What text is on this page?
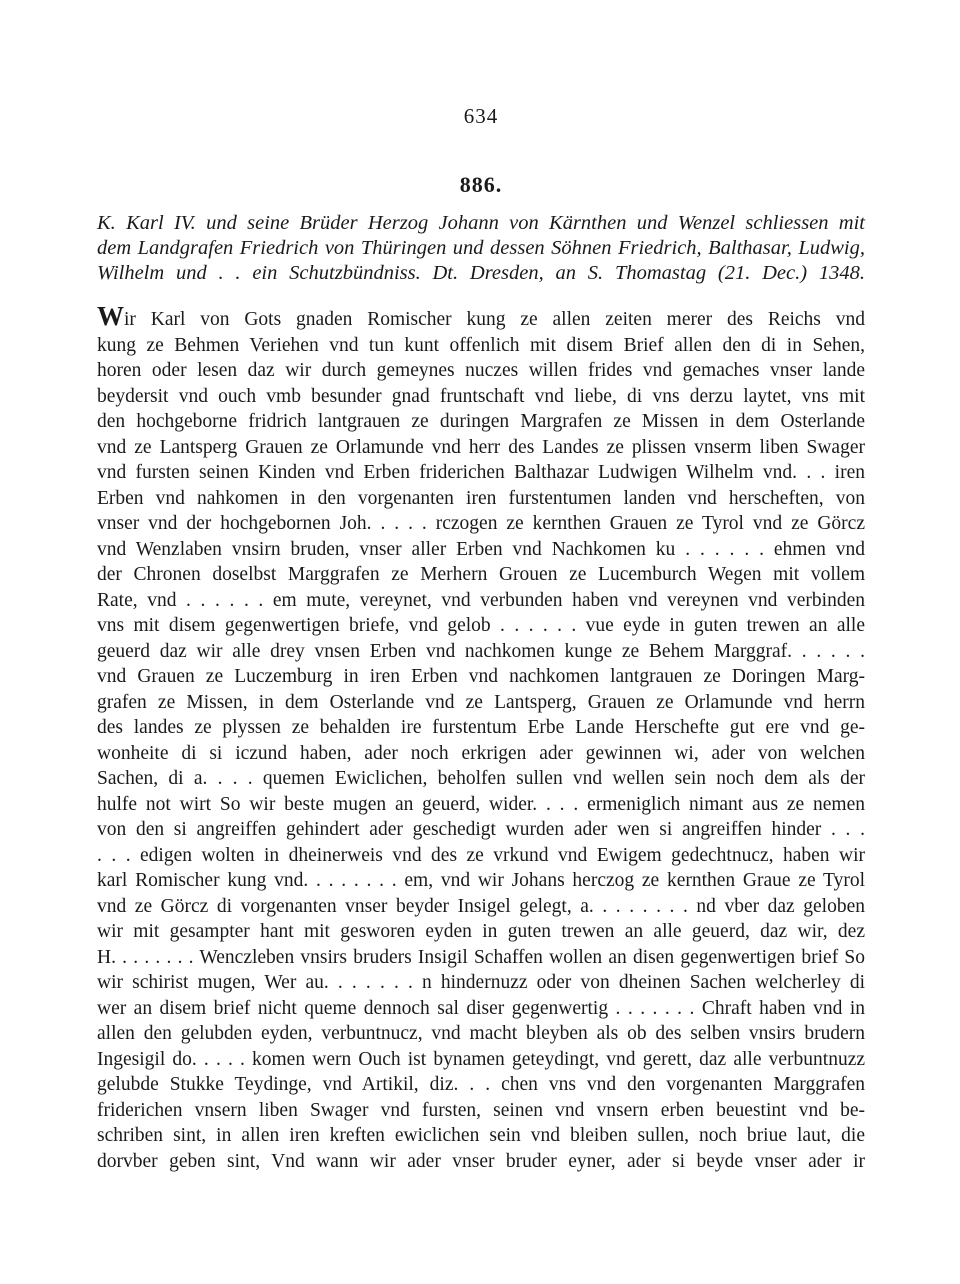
634
886.
K. Karl IV. und seine Brüder Herzog Johann von Kärnthen und Wenzel schliessen mit
dem Landgrafen Friedrich von Thüringen und dessen Söhnen Friedrich, Balthasar, Ludwig,
Wilhelm und . . ein Schutzbündniss. Dt. Dresden, an S. Thomastag (21. Dec.) 1348.
Wir Karl von Gots gnaden Romischer kung ze allen zeiten merer des Reichs vnd
kung ze Behmen Veriehen vnd tun kunt offenlich mit disem Brief allen den di in Sehen,
horen oder lesen daz wir durch gemeynes nuczes willen frides vnd gemaches vnser lande
beydersit vnd ouch vmb besunder gnad fruntschaft vnd liebe, di vns derzu laytet, vns mit
den hochgeborne fridrich lantgrauen ze duringen Margrafen ze Missen in dem Osterlande
vnd ze Lantsperg Grauen ze Orlamunde vnd herr des Landes ze plissen vnserm liben Swager
vnd fursten seinen Kinden vnd Erben friderichen Balthazar Ludwigen Wilhelm vnd. . . iren
Erben vnd nahkomen in den vorgenanten iren furstentumen landen vnd herscheften, von
vnser vnd der hochgebornen Joh. . . . . rczogen ze kernthen Grauen ze Tyrol vnd ze Görcz
vnd Wenzlaben vnsirn bruden, vnser aller Erben vnd Nachkomen ku . . . . . . ehmen vnd
der Chronen doselbst Marggrafen ze Merhern Grouen ze Lucemburch Wegen mit vollem
Rate, vnd . . . . . . em mute, vereynet, vnd verbunden haben vnd vereynen vnd verbinden
vns mit disem gegenwertigen briefe, vnd gelob . . . . . . vue eyde in guten trewen an alle
geuerd daz wir alle drey vnsen Erben vnd nachkomen kunge ze Behem Marggraf. . . . . .
vnd Grauen ze Luczemburg in iren Erben vnd nachkomen lantgrauen ze Doringen Marg-
grafen ze Missen, in dem Osterlande vnd ze Lantsperg, Grauen ze Orlamunde vnd herrn
des landes ze plyssen ze behalden ire furstentum Erbe Lande Herschefte gut ere vnd ge-
wonheite di si iczund haben, ader noch erkrigen ader gewinnen wi, ader von welchen
Sachen, di a. . . . quemen Ewiclichen, beholfen sullen vnd wellen sein noch dem als der
hulfe not wirt So wir beste mugen an geuerd, wider. . . . ermeniglich nimant aus ze nemen
von den si angreiffen gehindert ader geschedigt wurden ader wen si angreiffen hinder . . .
. . . edigen wolten in dheinerweis vnd des ze vrkund vnd Ewigem gedechtnucz, haben wir
karl Romischer kung vnd. . . . . . . . em, vnd wir Johans herczog ze kernthen Graue ze Tyrol
vnd ze Görcz di vorgenanten vnser beyder Insigel gelegt, a. . . . . . . . nd vber daz geloben
wir mit gesampter hant mit gesworen eyden in guten trewen an alle geuerd, daz wir, dez
H. . . . . . . . Wenczleben vnsirs bruders Insigil Schaffen wollen an disen gegenwertigen brief So
wir schirist mugen, Wer au. . . . . . . n hindernuzz oder von dheinen Sachen welcherley di
wer an disem brief nicht queme dennoch sal diser gegenwertig . . . . . . . Chraft haben vnd in
allen den gelubden eyden, verbuntnucz, vnd macht bleyben als ob des selben vnsirs brudern
Ingesigil do. . . . . komen wern Ouch ist bynamen geteydingt, vnd gerett, daz alle verbuntnuzz
gelubde Stukke Teydinge, vnd Artikil, diz. . . chen vns vnd den vorgenanten Marggrafen
friderichen vnsern liben Swager vnd fursten, seinen vnd vnsern erben beuestint vnd be-
schriben sint, in allen iren kreften ewiclichen sein vnd bleiben sullen, noch briue laut, die
dorvber geben sint, Vnd wann wir ader vnser bruder eyner, ader si beyde vnser ader ir
